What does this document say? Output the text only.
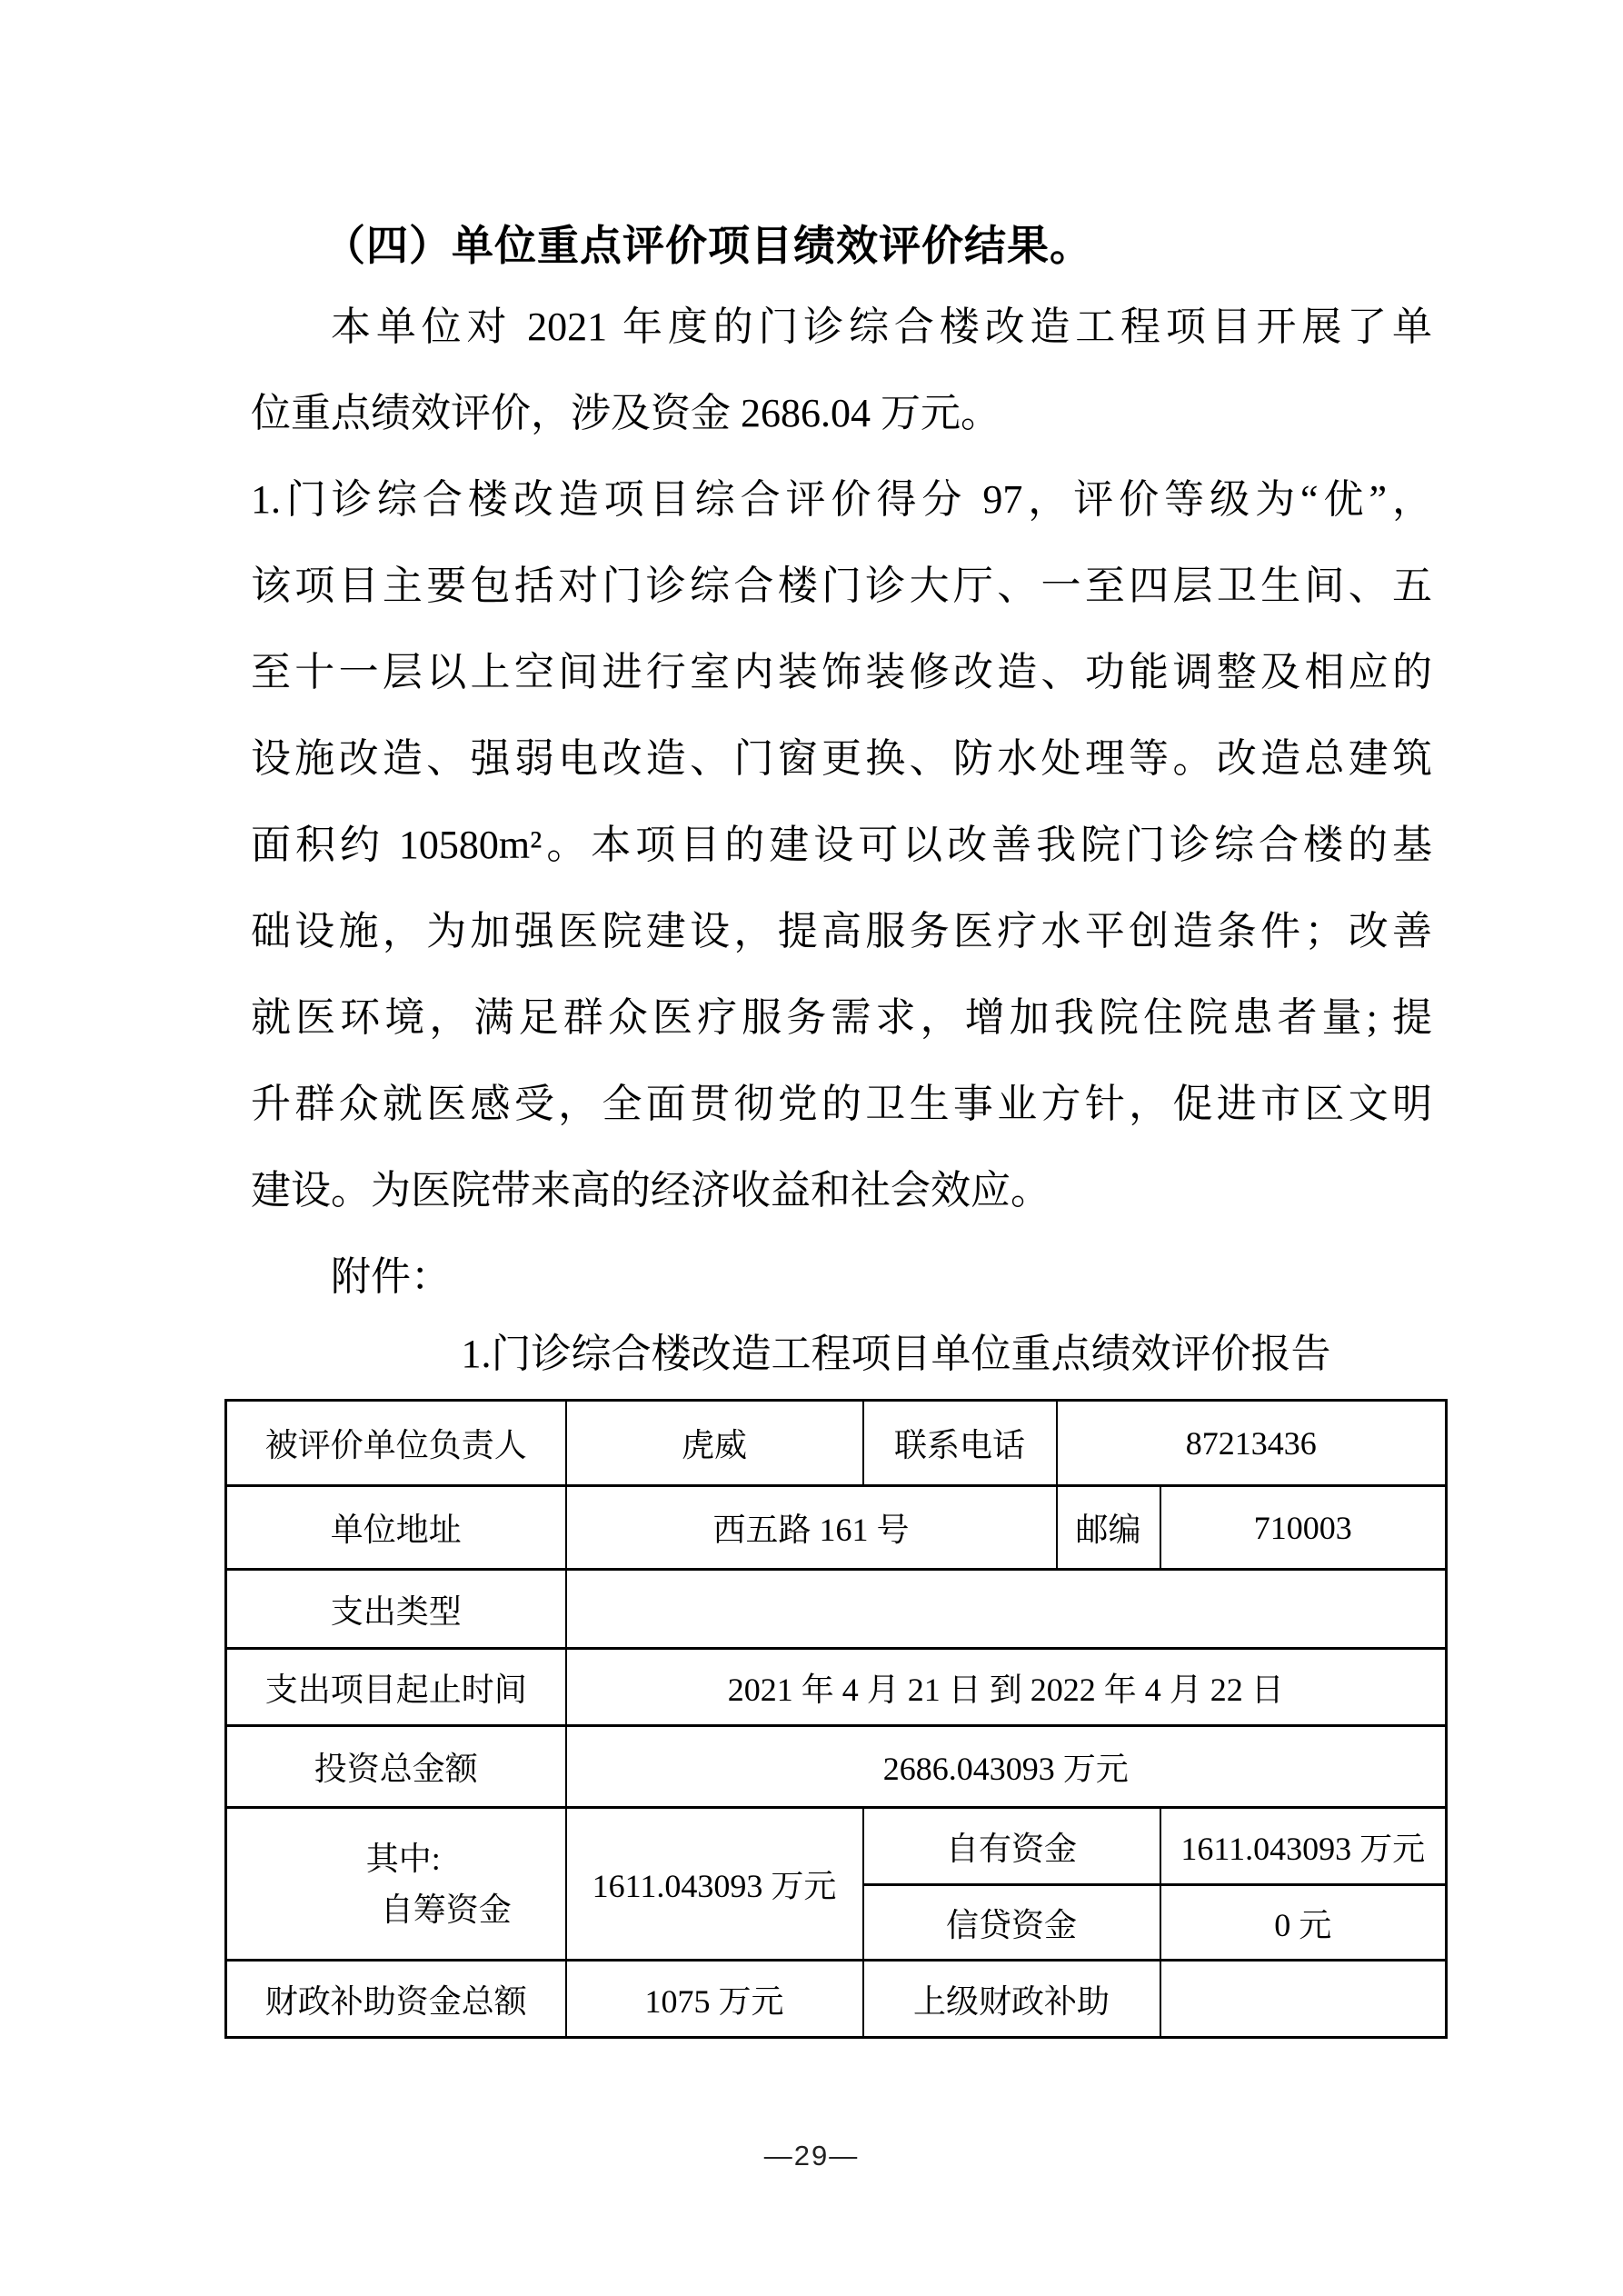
（四）单位重点评价项目绩效评价结果。
本单位对 2021 年度的门诊综合楼改造工程项目开展了单
位重点绩效评价，涉及资金 2686.04 万元。
1.门诊综合楼改造项目综合评价得分 97，评价等级为“优”，
该项目主要包括对门诊综合楼门诊大厅、一至四层卫生间、五
至十一层以上空间进行室内装饰装修改造、功能调整及相应的
设施改造、强弱电改造、门窗更换、防水处理等。改造总建筑
面积约 10580m²。本项目的建设可以改善我院门诊综合楼的基
础设施，为加强医院建设，提高服务医疗水平创造条件；改善
就医环境，满足群众医疗服务需求，增加我院住院患者量; 提
升群众就医感受，全面贯彻党的卫生事业方针，促进市区文明
建设。为医院带来高的经济收益和社会效应。
附件：
1.门诊综合楼改造工程项目单位重点绩效评价报告
被评价单位负责人	虎威	联系电话	87213436	
单位地址	西五路 161 号		邮编	710003
支出类型				
支出项目起止时间	2021 年 4 月 21 日 到 2022 年 4 月 22 日			
投资总金额	2686.043093 万元			

其中:
自筹资金	1611.043093 万元	自有资金		1611.043093 万元
		信贷资金		0 元
财政补助资金总额	1075 万元	上级财政补助		
—29—
